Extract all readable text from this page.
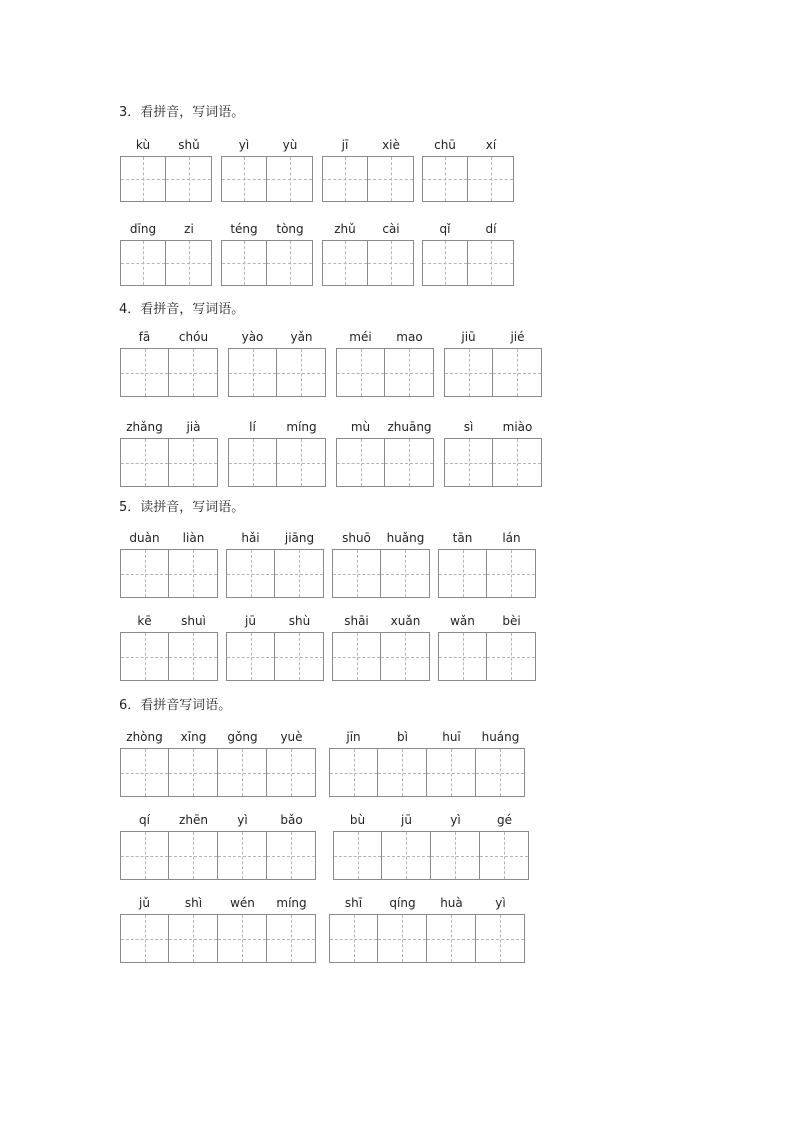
3．看拼音，写词语。
4．看拼音，写词语。
5．读拼音，写词语。
6．看拼音写词语。
kù	shǔ	yì	yù	jī	xiè	chū	xí
dīng	zi	téng	tòng	zhǔ	cài	qǐ	dí
fā	chóu	yào	yǎn	méi	mao	jiū	jié
zhǎng	jià	lí	míng	mù	zhuāng	sì	miào
duàn	liàn	hǎi	jiāng	shuō	huǎng	tān	lán
kē	shuì	jū	shù	shāi	xuǎn	wǎn	bèi
zhòng	xīng	gǒng	yuè	jīn	bì	huī	huáng
qí	zhēn	yì	bǎo	bù	jū	yì	gé
jǔ	shì	wén	míng	shī	qíng	huà	yì
